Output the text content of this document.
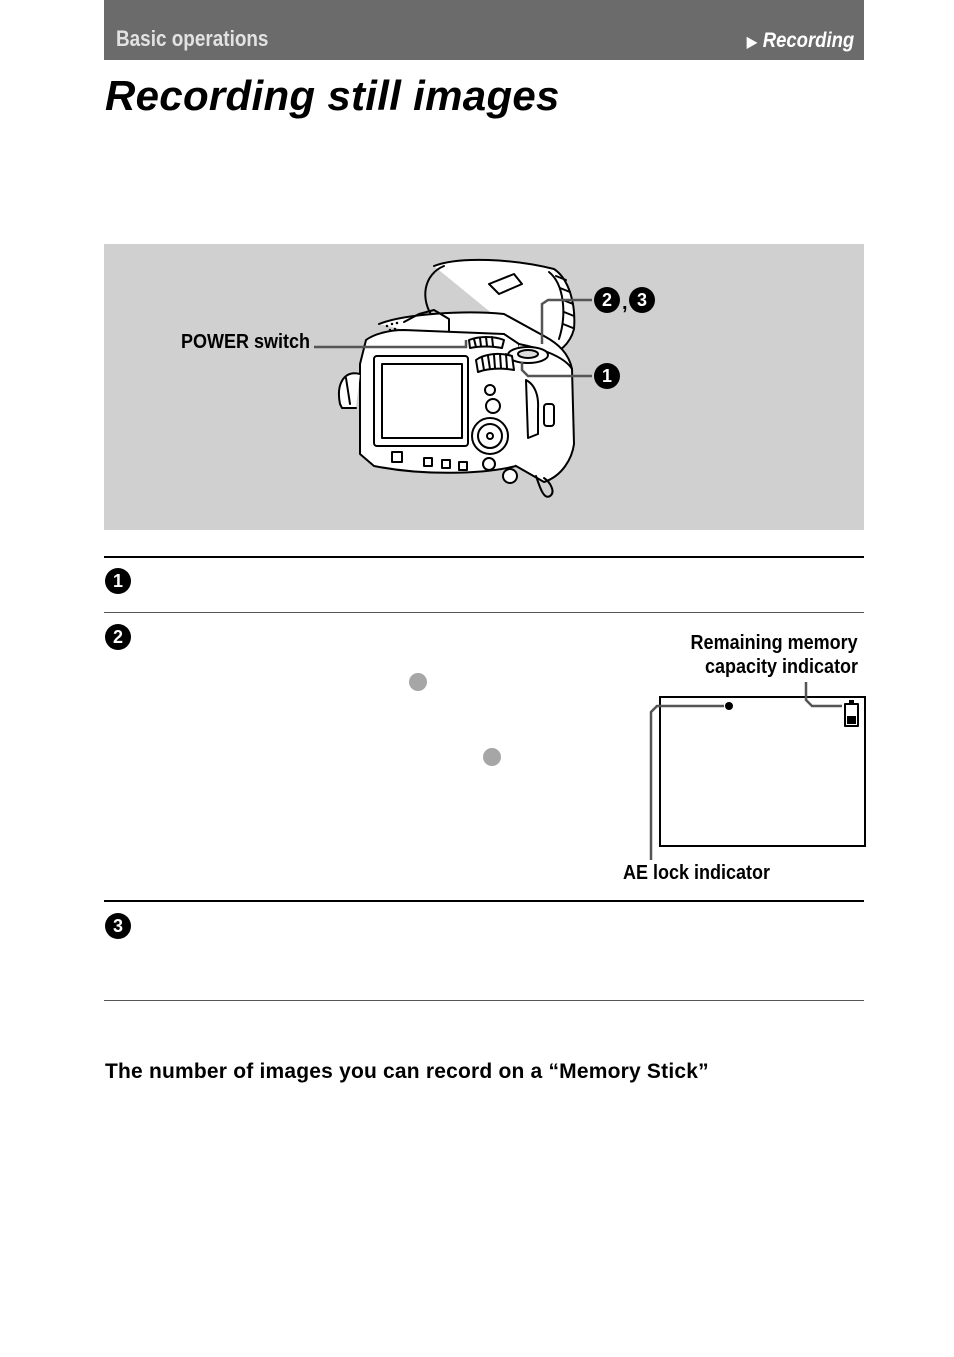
Basic operations	▶ Recording
Recording still images
POWER switch
2 , 3
1
1
2	Remaining memory
capacity indicator
AE lock indicator
3
The number of images you can record on a “Memory Stick”
